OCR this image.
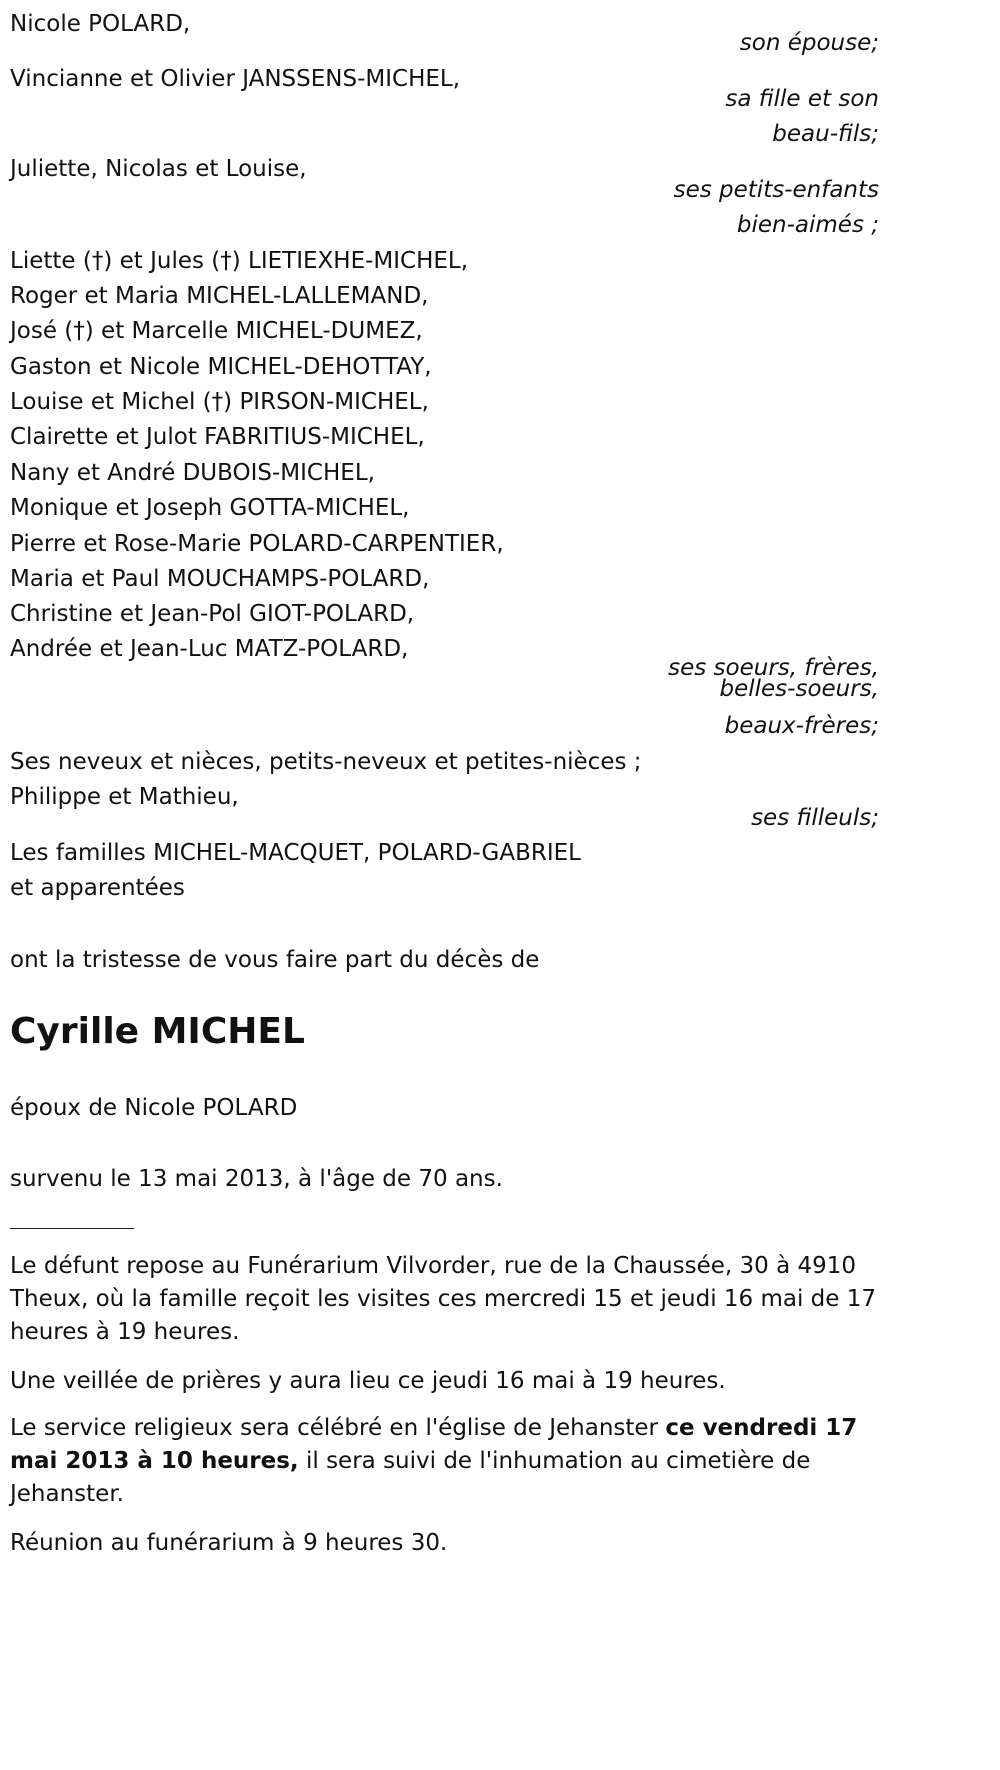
Nicole POLARD,
son épouse;
Vincianne et Olivier JANSSENS-MICHEL,
sa fille et son
beau-fils;
Juliette, Nicolas et Louise,
ses petits-enfants
bien-aimés ;
Liette (†) et Jules (†) LIETIEXHE-MICHEL,
Roger et Maria MICHEL-LALLEMAND,
José (†) et Marcelle MICHEL-DUMEZ,
Gaston et Nicole MICHEL-DEHOTTAY,
Louise et Michel (†) PIRSON-MICHEL,
Clairette et Julot FABRITIUS-MICHEL,
Nany et André DUBOIS-MICHEL,
Monique et Joseph GOTTA-MICHEL,
Pierre et Rose-Marie POLARD-CARPENTIER,
Maria et Paul MOUCHAMPS-POLARD,
Christine et Jean-Pol GIOT-POLARD,
Andrée et Jean-Luc MATZ-POLARD,
ses soeurs, frères,
belles-soeurs,
beaux-frères;
Ses neveux et nièces, petits-neveux et petites-nièces ;
Philippe et Mathieu,
ses filleuls;
Les familles MICHEL-MACQUET, POLARD-GABRIEL
et apparentées
ont la tristesse de vous faire part du décès de
Cyrille MICHEL
époux de Nicole POLARD
survenu le 13 mai 2013, à l'âge de 70 ans.
Le défunt repose au Funérarium Vilvorder, rue de la Chaussée, 30 à 4910 Theux, où la famille reçoit les visites ces mercredi 15 et jeudi 16 mai de 17 heures à 19 heures.
Une veillée de prières y aura lieu ce jeudi 16 mai à 19 heures.
Le service religieux sera célébré en l'église de Jehanster ce vendredi 17 mai 2013 à 10 heures, il sera suivi de l'inhumation au cimetière de Jehanster.
Réunion au funérarium à 9 heures 30.
